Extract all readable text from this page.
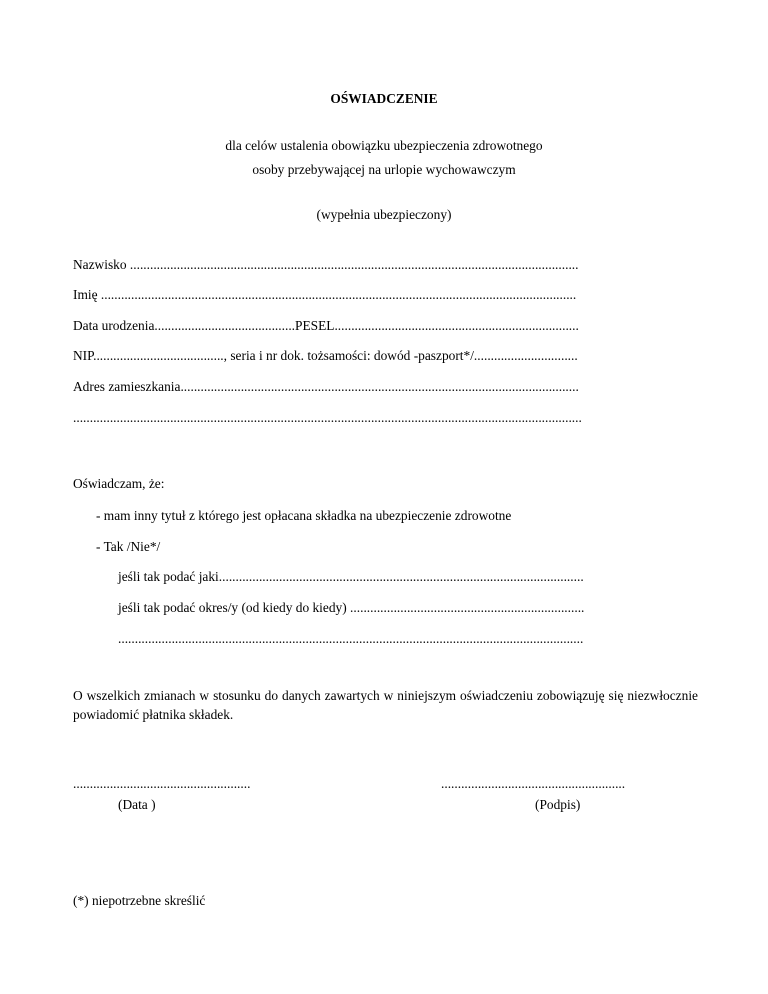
OŚWIADCZENIE
dla celów ustalenia obowiązku ubezpieczenia zdrowotnego
osoby przebywającej na urlopie wychowawczym
(wypełnia ubezpieczony)
Nazwisko ......................................................................................................................................
Imię ..............................................................................................................................................
Data urodzenia..........................................PESEL.........................................................................
NIP......................................., seria i nr dok. tożsamości: dowód -paszport*/...............................
Adres zamieszkania.......................................................................................................................
........................................................................................................................................................
Oświadczam, że:
- mam inny tytuł z którego jest opłacana składka na ubezpieczenie zdrowotne
- Tak /Nie*/
jeśli tak podać jaki.............................................................................................................
jeśli tak podać okres/y (od kiedy do kiedy) ......................................................................
...........................................................................................................................................
O wszelkich zmianach w stosunku do danych zawartych w niniejszym oświadczeniu zobowiązuję się niezwłocznie powiadomić płatnika składek.
.....................................................
(Data )
.......................................................
(Podpis)
(*) niepotrzebne skreślić
